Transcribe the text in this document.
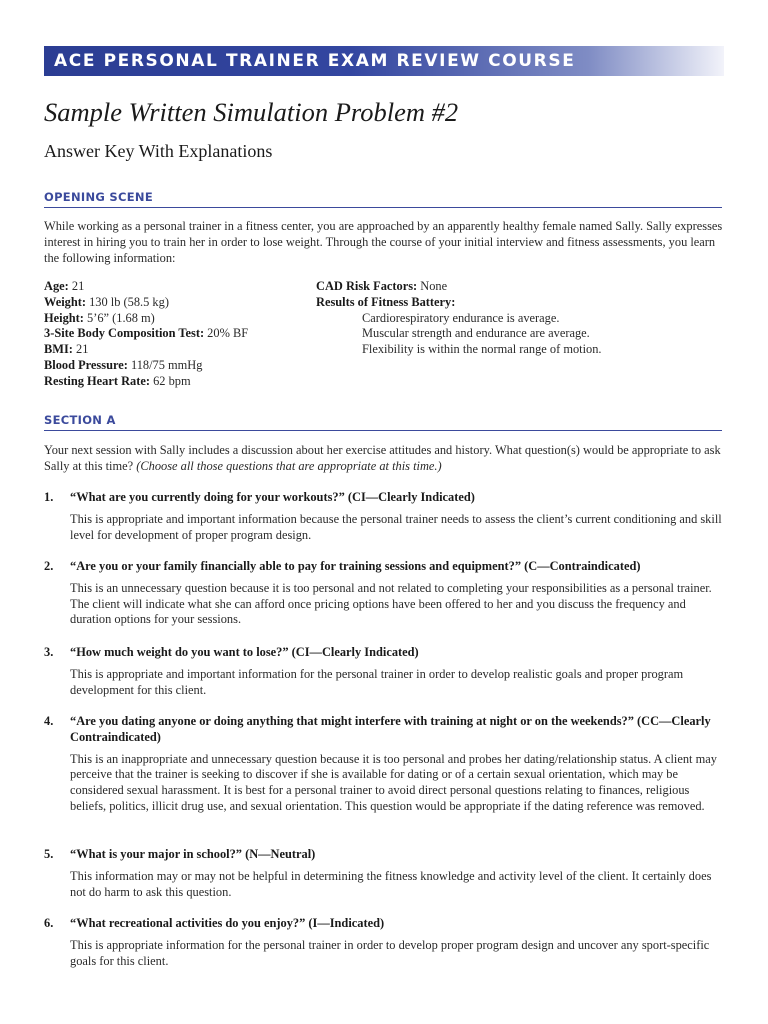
ACE PERSONAL TRAINER EXAM REVIEW COURSE
Sample Written Simulation Problem #2
Answer Key With Explanations
OPENING SCENE

While working as a personal trainer in a fitness center, you are approached by an apparently healthy female named Sally. Sally expresses interest in hiring you to train her in order to lose weight. Through the course of your initial interview and fitness assessments, you learn the following information:

Age: 21
Weight: 130 lb (58.5 kg)
Height: 5’6” (1.68 m)
3-Site Body Composition Test: 20% BF
BMI: 21
Blood Pressure: 118/75 mmHg
Resting Heart Rate: 62 bpm
CAD Risk Factors: None
Results of Fitness Battery:
Cardiorespiratory endurance is average.
Muscular strength and endurance are average.
Flexibility is within the normal range of motion.
SECTION A

Your next session with Sally includes a discussion about her exercise attitudes and history. What question(s) would be appropriate to ask Sally at this time? (Choose all those questions that are appropriate at this time.)

1. “What are you currently doing for your workouts?” (CI—Clearly Indicated)
This is appropriate and important information because the personal trainer needs to assess the client’s current conditioning and skill level for development of proper program design.
2. “Are you or your family financially able to pay for training sessions and equipment?” (C—Contraindicated)
This is an unnecessary question because it is too personal and not related to completing your responsibilities as a personal trainer. The client will indicate what she can afford once pricing options have been offered to her and you discuss the frequency and duration options for your sessions.
3. “How much weight do you want to lose?” (CI—Clearly Indicated)
This is appropriate and important information for the personal trainer in order to develop realistic goals and proper program development for this client.
4. “Are you dating anyone or doing anything that might interfere with training at night or on the weekends?” (CC—Clearly Contraindicated)
This is an inappropriate and unnecessary question because it is too personal and probes her dating/relationship status. A client may perceive that the trainer is seeking to discover if she is available for dating or of a certain sexual orientation, which may be considered sexual harassment. It is best for a personal trainer to avoid direct personal questions relating to finances, religious beliefs, politics, illicit drug use, and sexual orientation. This question would be appropriate if the dating reference was removed.
5. “What is your major in school?” (N—Neutral)
This information may or may not be helpful in determining the fitness knowledge and activity level of the client. It certainly does not do harm to ask this question.
6. “What recreational activities do you enjoy?” (I—Indicated)
This is appropriate information for the personal trainer in order to develop proper program design and uncover any sport-specific goals for this client.
